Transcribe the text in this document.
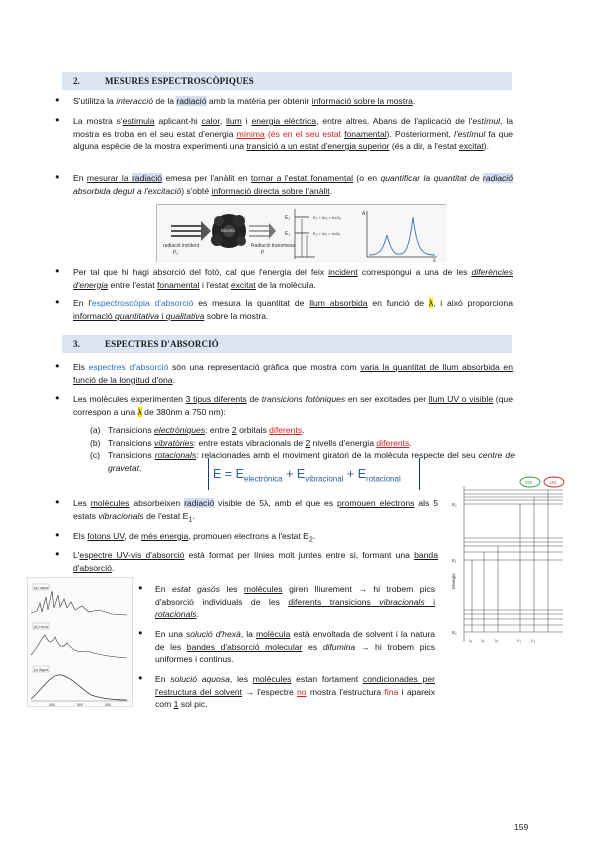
2.	MESURES ESPECTROSCÒPIQUES

● S'utilitza la interacció de la radiació amb la matèria per obtenir informació sobre la mostra.

● La mostra s'estimula aplicant-hi calor, llum i energia elèctrica, entre altres. Abans de l'aplicació de l'estímul, la mostra es troba en el seu estat d'energia mínima (és en el seu estat fonamental). Posteriorment, l'estímul fa que alguna espècie de la mostra experimenti una transició a un estat d'energia superior (és a dir, a l'estat excitat).

● En mesurar la radiació emesa per l'anàlit en tornar a l'estat fonamental (o en quantificar la quantitat de radiació absorbida degut a l'excitació) s'obté informació directa sobre l'anàlit.

radiació incident
P₀
Mostra
Radiació transmesa
P
E₂
E₁
E₂ = hν₂ = hc/λ₂
E₁ = hν₁ = hc/λ₁
A
λ

● Per tal que hi hagi absorció del fotó, cal que l'energia del feix incident correspongui a una de les diferències d'energia entre l'estat fonamental i l'estat excitat de la molècula.

● En l'espectroscòpia d'absorció es mesura la quantitat de llum absorbida en funció de λ, i això proporciona informació quantitativa i qualitativa sobre la mostra.

3.	ESPECTRES D'ABSORCIÓ

● Els espectres d'absorció són una representació gràfica que mostra com varia la quantitat de llum absorbida en funció de la longitud d'ona.

● Les molècules experimenten 3 tipus diferents de transicions fotòniques en ser excitades per llum UV o visible (que correspon a una λ de 380nm a 750 nm):

(a) Transicions electròniques: entre 2 orbitals diferents.
(b) Transicions vibratòries: entre estats vibracionals de 2 nivells d'energia diferents.
(c) Transicions rotacionals: relacionades amb el moviment giratori de la molècula respecte del seu centre de gravetat.	$E = E_{electrònica} + E_{vibracional} + E_{rotacional}$

● Les molècules absorbeixen radiació visible de 5λ, amb el que es promouen electrons als 5 estats vibracionals de l'estat $E_1$.

● Els fotons UV, de més energia, promouen electrons a l'estat $E_2$.

● L'espectre UV-vis d'absorció està format per línies molt juntes entre si, formant una banda d'absorció.

VIS	UV
Energia
E₂
E₁
E₀
λ₁ λ₂	λ₃	λ'₁ λ'₂
(a) Vapor
(b) Hexà
(c) Aigua
450	500	550

● En estat gasós les molècules giren lliurement → hi trobem pics d'absorció individuals de les diferents transicions vibracionals i rotacionals.

● En una solució d'hexà, la molècula està envoltada de solvent i la natura de les bandes d'absorció molecular es difumina → hi trobem pics uniformes i continus.

● En solució aquosa, les molècules estan fortament condicionades per l'estructura del solvent → l'espectre no mostra l'estructura fina i apareix com 1 sol pic.

159
